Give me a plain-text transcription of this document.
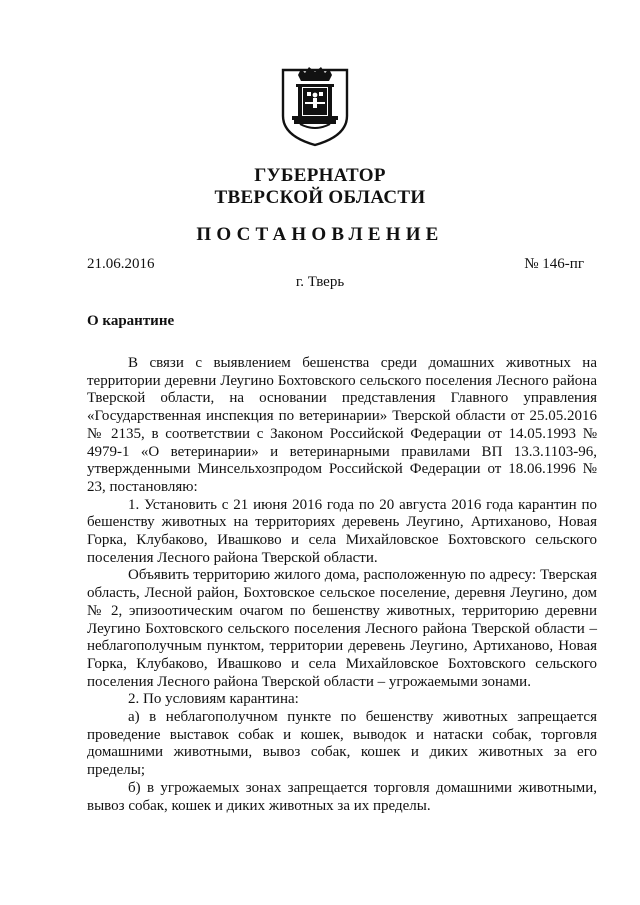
ГУБЕРНАТОР
ТВЕРСКОЙ ОБЛАСТИ
ПОСТАНОВЛЕНИЕ
21.06.2016	№ 146-пг
г. Тверь
О карантине

В связи с выявлением бешенства среди домашних животных на территории деревни Леугино Бохтовского сельского поселения Лесного района Тверской области, на основании представления Главного управления «Государственная инспекция по ветеринарии» Тверской области от 25.05.2016 № 2135, в соответствии с Законом Российской Федерации от 14.05.1993 № 4979-1 «О ветеринарии» и ветеринарными правилами ВП 13.3.1103-96, утвержденными Минсельхозпродом Российской Федерации от 18.06.1996 № 23, постановляю:

1. Установить с 21 июня 2016 года по 20 августа 2016 года карантин по бешенству животных на территориях деревень Леугино, Артиханово, Новая Горка, Клубаково, Ивашково и села Михайловское Бохтовского сельского поселения Лесного района Тверской области.

Объявить территорию жилого дома, расположенную по адресу: Тверская область, Лесной район, Бохтовское сельское поселение, деревня Леугино, дом № 2, эпизоотическим очагом по бешенству животных, территорию деревни Леугино Бохтовского сельского поселения Лесного района Тверской области – неблагополучным пунктом, территории деревень Леугино, Артиханово, Новая Горка, Клубаково, Ивашково и села Михайловское Бохтовского сельского поселения Лесного района Тверской области – угрожаемыми зонами.

2. По условиям карантина:

а) в неблагополучном пункте по бешенству животных запрещается проведение выставок собак и кошек, выводок и натаски собак, торговля домашними животными, вывоз собак, кошек и диких животных за его пределы;

б) в угрожаемых зонах запрещается торговля домашними животными, вывоз собак, кошек и диких животных за их пределы.
